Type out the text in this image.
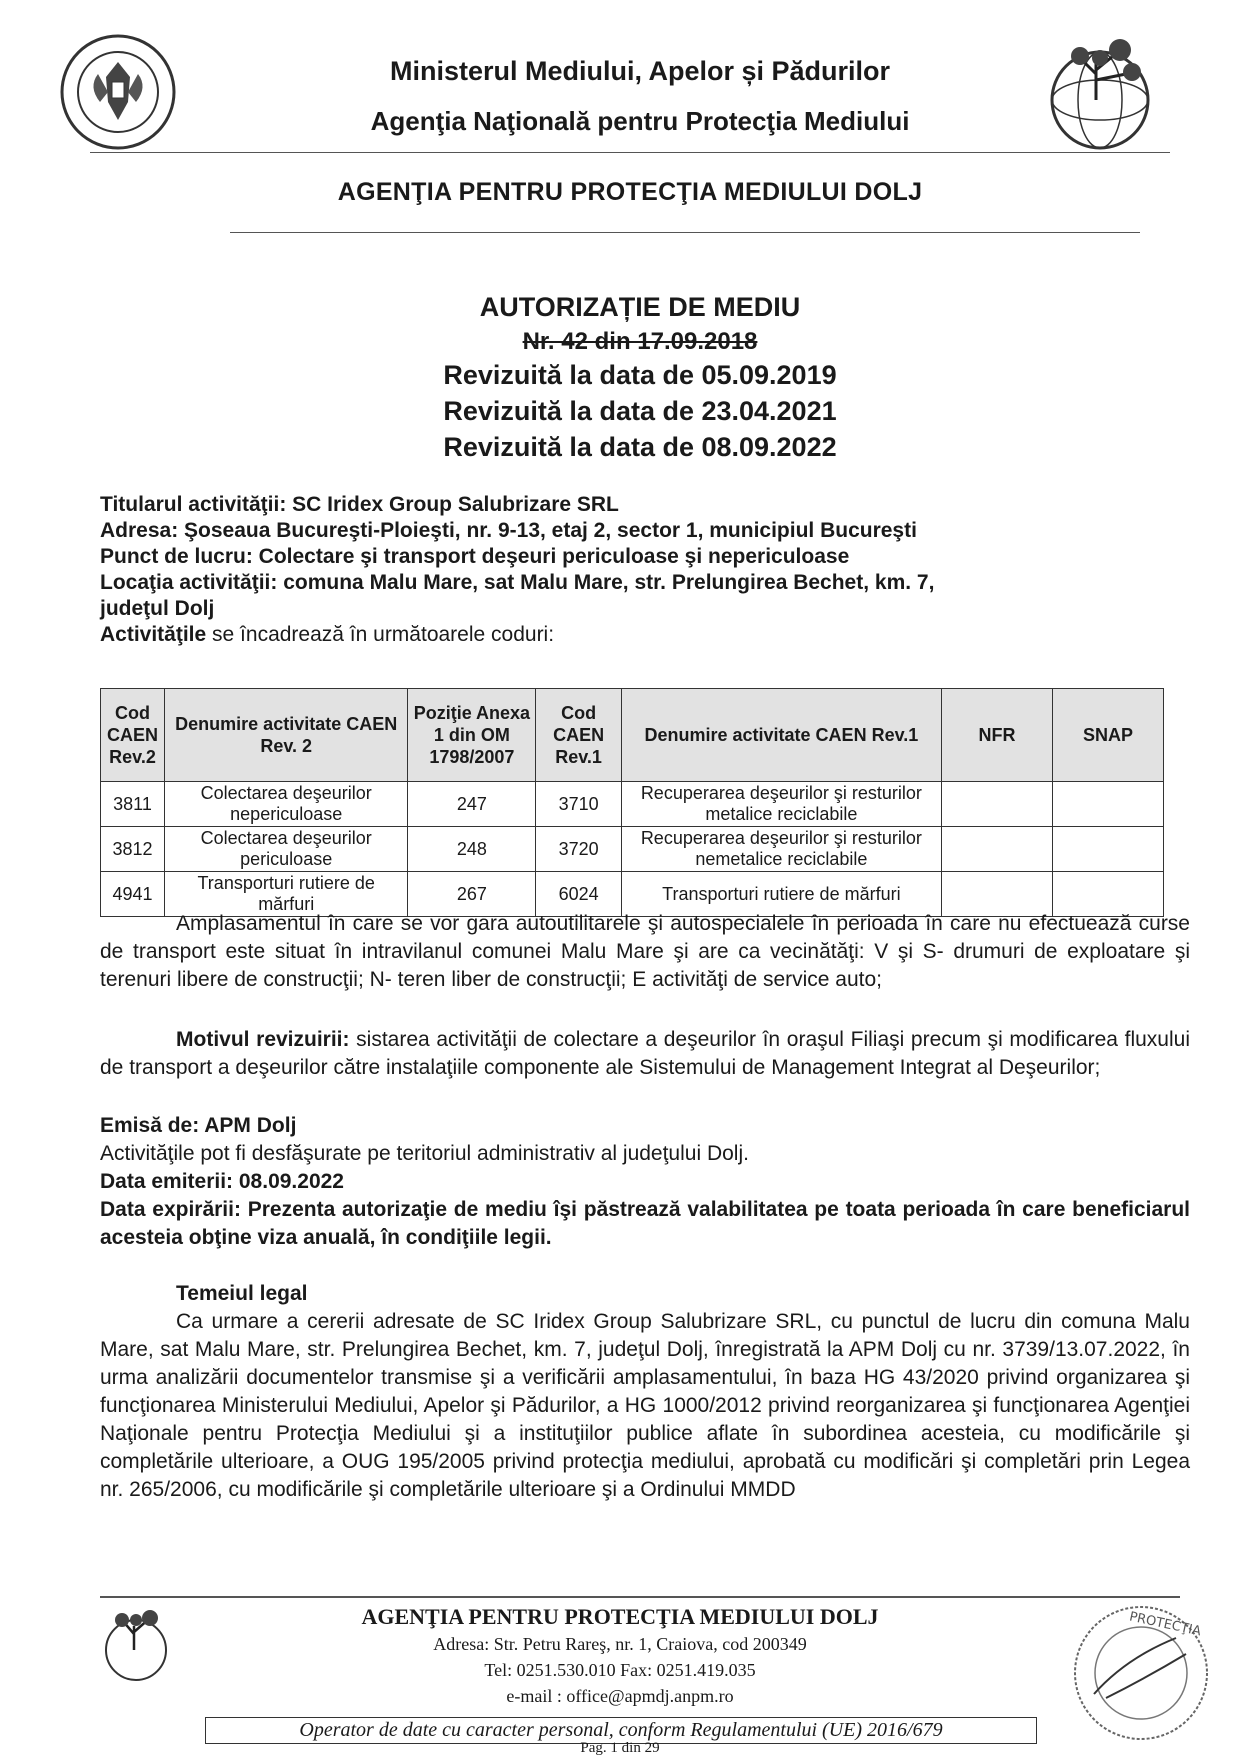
Ministerul Mediului, Apelor și Pădurilor
Agenţia Naţională pentru Protecţia Mediului
AGENŢIA PENTRU PROTECŢIA MEDIULUI DOLJ
AUTORIZAȚIE DE MEDIU
Nr. 42 din 17.09.2018
Revizuită la data de 05.09.2019
Revizuită la data de 23.04.2021
Revizuită la data de 08.09.2022
Titularul activităţii: SC Iridex Group Salubrizare SRL
Adresa: Şoseaua Bucureşti-Ploieşti, nr. 9-13, etaj 2, sector 1, municipiul Bucureşti
Punct de lucru: Colectare şi transport deşeuri periculoase şi nepericuloase
Locaţia activităţii: comuna Malu Mare, sat Malu Mare, str. Prelungirea Bechet, km. 7,
judeţul Dolj
Activităţile se încadrează în următoarele coduri:
Cod CAEN Rev.2	Denumire activitate CAEN Rev. 2	Poziţie Anexa 1 din OM 1798/2007	Cod CAEN Rev.1	Denumire activitate CAEN Rev.1	NFR	SNAP
3811	Colectarea deşeurilor nepericuloase	247	3710	Recuperarea deşeurilor şi resturilor metalice reciclabile		
3812	Colectarea deşeurilor periculoase	248	3720	Recuperarea deşeurilor şi resturilor nemetalice reciclabile		
4941	Transporturi rutiere de mărfuri	267	6024	Transporturi rutiere de mărfuri		
Amplasamentul în care se vor gara autoutilitarele şi autospecialele în perioada în care nu efectuează curse de transport este situat în intravilanul comunei Malu Mare şi are ca vecinătăţi: V şi S- drumuri de exploatare şi terenuri libere de construcţii; N- teren liber de construcţii; E activităţi de service auto;
Motivul revizuirii: sistarea activităţii de colectare a deşeurilor în oraşul Filiaşi precum şi modificarea fluxului de transport a deşeurilor către instalaţiile componente ale Sistemului de Management Integrat al Deşeurilor;
Emisă de: APM Dolj
Activităţile pot fi desfăşurate pe teritoriul administrativ al judeţului Dolj.
Data emiterii: 08.09.2022
Data expirării: Prezenta autorizaţie de mediu îşi păstrează valabilitatea pe toata perioada în care beneficiarul acesteia obţine viza anuală, în condiţiile legii.
Temeiul legal
Ca urmare a cererii adresate de SC Iridex Group Salubrizare SRL, cu punctul de lucru din comuna Malu Mare, sat Malu Mare, str. Prelungirea Bechet, km. 7, judeţul Dolj, înregistrată la APM Dolj cu nr. 3739/13.07.2022, în urma analizării documentelor transmise şi a verificării amplasamentului, în baza HG 43/2020 privind organizarea şi funcţionarea Ministerului Mediului, Apelor şi Pădurilor, a HG 1000/2012 privind reorganizarea şi funcţionarea Agenţiei Naţionale pentru Protecţia Mediului şi a instituţiilor publice aflate în subordinea acesteia, cu modificările şi completările ulterioare, a OUG 195/2005 privind protecţia mediului, aprobată cu modificări şi completări prin Legea nr. 265/2006, cu modificările şi completările ulterioare şi a Ordinului MMDD
AGENŢIA PENTRU PROTECŢIA MEDIULUI DOLJ
Adresa: Str. Petru Rareş, nr. 1, Craiova, cod 200349
Tel: 0251.530.010 Fax: 0251.419.035
e-mail : office@apmdj.anpm.ro
Operator de date cu caracter personal, conform Regulamentului (UE) 2016/679
Pag. 1 din 29
PROTECŢIA
